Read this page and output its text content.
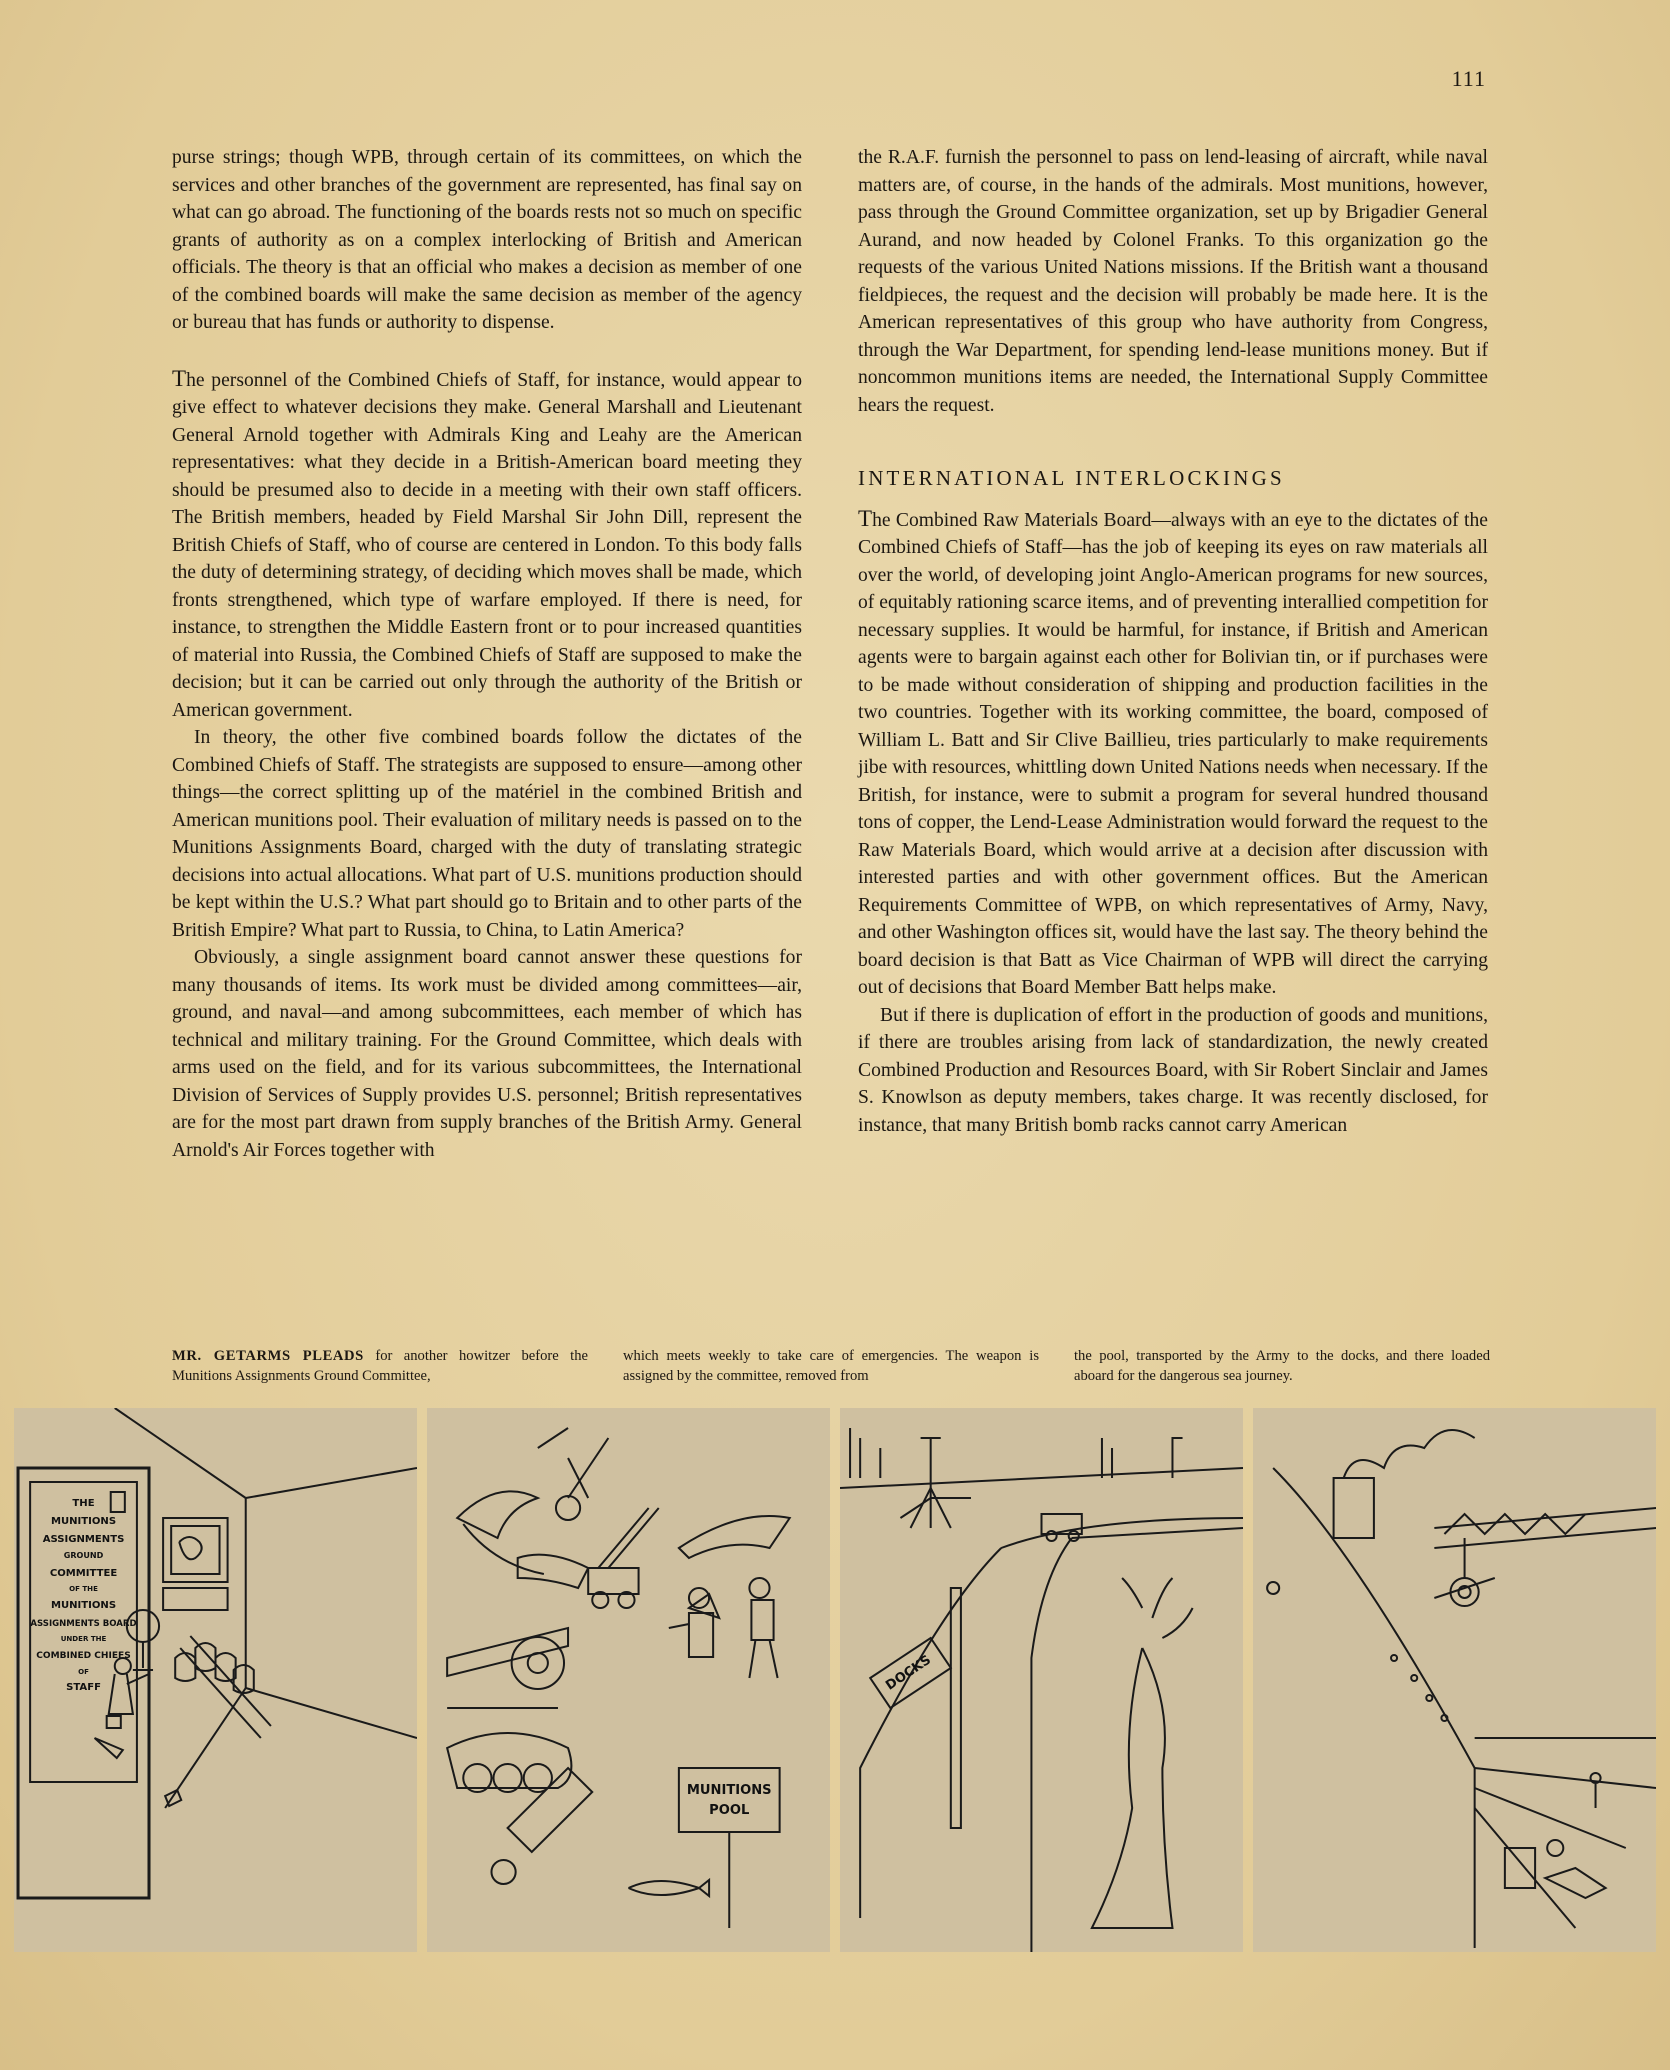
111

purse strings; though WPB, through certain of its committees, on which the services and other branches of the government are represented, has final say on what can go abroad. The functioning of the boards rests not so much on specific grants of authority as on a complex interlocking of British and American officials. The theory is that an official who makes a decision as member of one of the combined boards will make the same decision as member of the agency or bureau that has funds or authority to dispense.

The personnel of the Combined Chiefs of Staff, for instance, would appear to give effect to whatever decisions they make. General Marshall and Lieutenant General Arnold together with Admirals King and Leahy are the American representatives: what they decide in a British-American board meeting they should be presumed also to decide in a meeting with their own staff officers. The British members, headed by Field Marshal Sir John Dill, represent the British Chiefs of Staff, who of course are centered in London. To this body falls the duty of determining strategy, of deciding which moves shall be made, which fronts strengthened, which type of warfare employed. If there is need, for instance, to strengthen the Middle Eastern front or to pour increased quantities of material into Russia, the Combined Chiefs of Staff are supposed to make the decision; but it can be carried out only through the authority of the British or American government.

In theory, the other five combined boards follow the dictates of the Combined Chiefs of Staff. The strategists are supposed to ensure—among other things—the correct splitting up of the matériel in the combined British and American munitions pool. Their evaluation of military needs is passed on to the Munitions Assignments Board, charged with the duty of translating strategic decisions into actual allocations. What part of U.S. munitions production should be kept within the U.S.? What part should go to Britain and to other parts of the British Empire? What part to Russia, to China, to Latin America?

Obviously, a single assignment board cannot answer these questions for many thousands of items. Its work must be divided among committees—air, ground, and naval—and among subcommittees, each member of which has technical and military training. For the Ground Committee, which deals with arms used on the field, and for its various subcommittees, the International Division of Services of Supply provides U.S. personnel; British representatives are for the most part drawn from supply branches of the British Army. General Arnold's Air Forces together with

the R.A.F. furnish the personnel to pass on lend-leasing of aircraft, while naval matters are, of course, in the hands of the admirals. Most munitions, however, pass through the Ground Committee organization, set up by Brigadier General Aurand, and now headed by Colonel Franks. To this organization go the requests of the various United Nations missions. If the British want a thousand fieldpieces, the request and the decision will probably be made here. It is the American representatives of this group who have authority from Congress, through the War Department, for spending lend-lease munitions money. But if noncommon munitions items are needed, the International Supply Committee hears the request.

INTERNATIONAL INTERLOCKINGS

The Combined Raw Materials Board—always with an eye to the dictates of the Combined Chiefs of Staff—has the job of keeping its eyes on raw materials all over the world, of developing joint Anglo-American programs for new sources, of equitably rationing scarce items, and of preventing interallied competition for necessary supplies. It would be harmful, for instance, if British and American agents were to bargain against each other for Bolivian tin, or if purchases were to be made without consideration of shipping and production facilities in the two countries. Together with its working committee, the board, composed of William L. Batt and Sir Clive Baillieu, tries particularly to make requirements jibe with resources, whittling down United Nations needs when necessary. If the British, for instance, were to submit a program for several hundred thousand tons of copper, the Lend-Lease Administration would forward the request to the Raw Materials Board, which would arrive at a decision after discussion with interested parties and with other government offices. But the American Requirements Committee of WPB, on which representatives of Army, Navy, and other Washington offices sit, would have the last say. The theory behind the board decision is that Batt as Vice Chairman of WPB will direct the carrying out of decisions that Board Member Batt helps make.

But if there is duplication of effort in the production of goods and munitions, if there are troubles arising from lack of standardization, the newly created Combined Production and Resources Board, with Sir Robert Sinclair and James S. Knowlson as deputy members, takes charge. It was recently disclosed, for instance, that many British bomb racks cannot carry American

MR. GETARMS PLEADS for another howitzer before the Munitions Assignments Ground Committee,
which meets weekly to take care of emergencies. The weapon is assigned by the committee, removed from
the pool, transported by the Army to the docks, and there loaded aboard for the dangerous sea journey.
THE
MUNITIONS
ASSIGNMENTS
GROUND
COMMITTEE
OF THE
MUNITIONS
ASSIGNMENTS BOARD
UNDER THE
COMBINED CHIEFS
OF
STAFF
MUNITIONS
POOL
DOCKS
